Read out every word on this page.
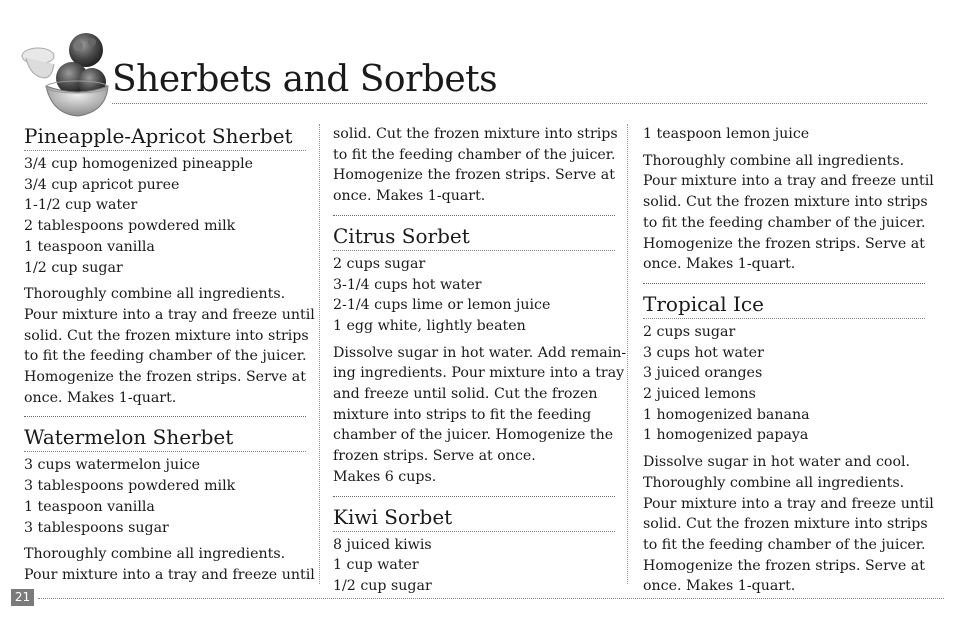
Sherbets and Sorbets
Pineapple-Apricot Sherbet
3/4 cup homogenized pineapple
3/4 cup apricot puree
1-1/2 cup water
2 tablespoons powdered milk
1 teaspoon vanilla
1/2 cup sugar
Thoroughly combine all ingredients.
Pour mixture into a tray and freeze until
solid. Cut the frozen mixture into strips
to fit the feeding chamber of the juicer.
Homogenize the frozen strips. Serve at
once. Makes 1-quart.
Watermelon Sherbet
3 cups watermelon juice
3 tablespoons powdered milk
1 teaspoon vanilla
3 tablespoons sugar
Thoroughly combine all ingredients.
Pour mixture into a tray and freeze until
solid. Cut the frozen mixture into strips
to fit the feeding chamber of the juicer.
Homogenize the frozen strips. Serve at
once. Makes 1-quart.
Citrus Sorbet
2 cups sugar
3-1/4 cups hot water
2-1/4 cups lime or lemon juice
1 egg white, lightly beaten
Dissolve sugar in hot water. Add remain-
ing ingredients. Pour mixture into a tray
and freeze until solid. Cut the frozen
mixture into strips to fit the feeding
chamber of the juicer. Homogenize the
frozen strips. Serve at once.
Makes 6 cups.
Kiwi Sorbet
8 juiced kiwis
1 cup water
1/2 cup sugar
1 teaspoon lemon juice
Thoroughly combine all ingredients.
Pour mixture into a tray and freeze until
solid. Cut the frozen mixture into strips
to fit the feeding chamber of the juicer.
Homogenize the frozen strips. Serve at
once. Makes 1-quart.
Tropical Ice
2 cups sugar
3 cups hot water
3 juiced oranges
2 juiced lemons
1 homogenized banana
1 homogenized papaya
Dissolve sugar in hot water and cool.
Thoroughly combine all ingredients.
Pour mixture into a tray and freeze until
solid. Cut the frozen mixture into strips
to fit the feeding chamber of the juicer.
Homogenize the frozen strips. Serve at
once. Makes 1-quart.
21
